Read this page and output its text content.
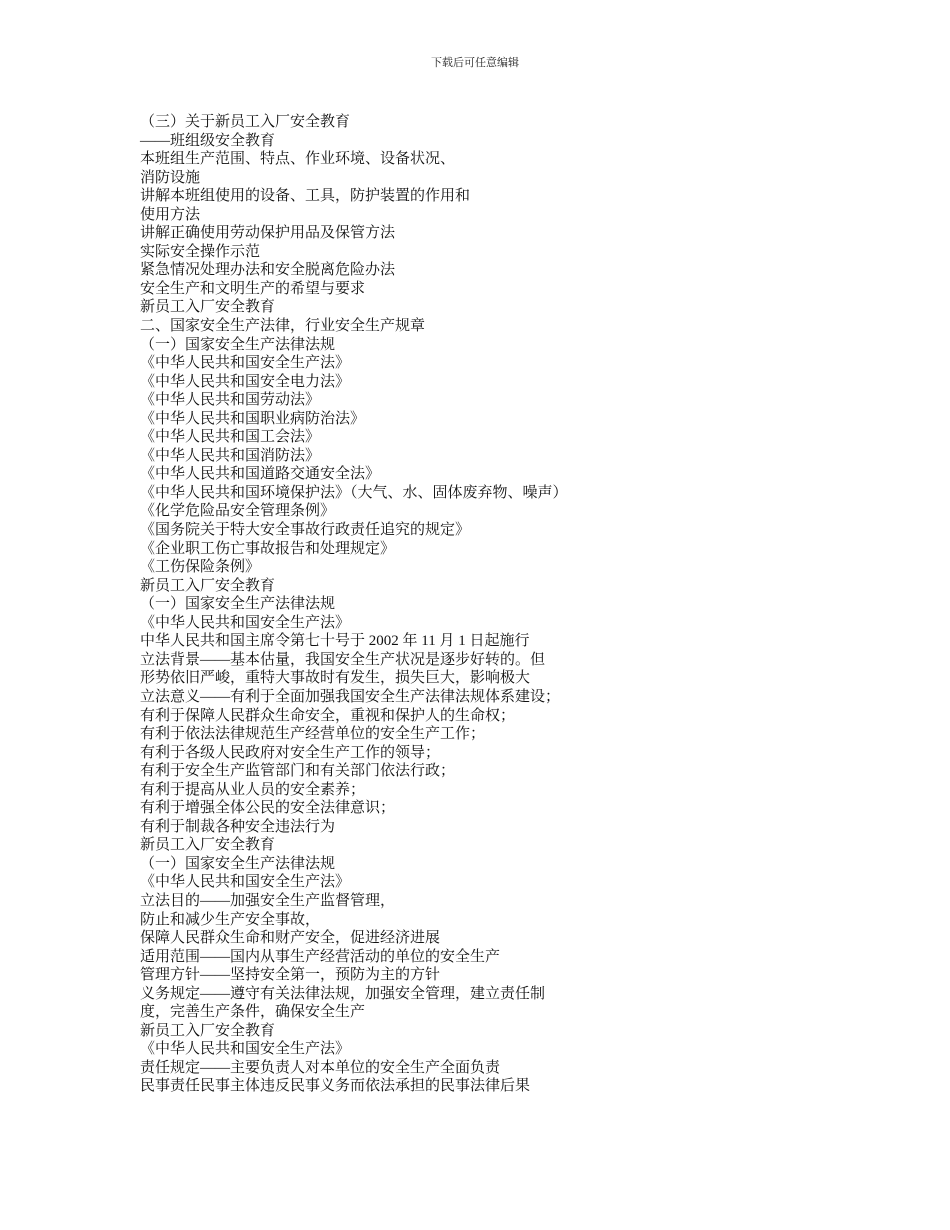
下载后可任意编辑
（三）关于新员工入厂安全教育
——班组级安全教育
本班组生产范围、特点、作业环境、设备状况、
消防设施
讲解本班组使用的设备、工具，防护装置的作用和
使用方法
讲解正确使用劳动保护用品及保管方法
实际安全操作示范
紧急情况处理办法和安全脱离危险办法
安全生产和文明生产的希望与要求
新员工入厂安全教育
二、国家安全生产法律，行业安全生产规章
（一）国家安全生产法律法规
《中华人民共和国安全生产法》
《中华人民共和国安全电力法》
《中华人民共和国劳动法》
《中华人民共和国职业病防治法》
《中华人民共和国工会法》
《中华人民共和国消防法》
《中华人民共和国道路交通安全法》
《中华人民共和国环境保护法》（大气、水、固体废弃物、噪声）
《化学危险品安全管理条例》
《国务院关于特大安全事故行政责任追究的规定》
《企业职工伤亡事故报告和处理规定》
《工伤保险条例》
新员工入厂安全教育
（一）国家安全生产法律法规
《中华人民共和国安全生产法》
中华人民共和国主席令第七十号于 2002 年 11 月 1 日起施行
立法背景——基本估量，我国安全生产状况是逐步好转的。但
形势依旧严峻，重特大事故时有发生，损失巨大，影响极大
立法意义——有利于全面加强我国安全生产法律法规体系建设；
有利于保障人民群众生命安全，重视和保护人的生命权；
有利于依法法律规范生产经营单位的安全生产工作；
有利于各级人民政府对安全生产工作的领导；
有利于安全生产监管部门和有关部门依法行政；
有利于提高从业人员的安全素养；
有利于增强全体公民的安全法律意识；
有利于制裁各种安全违法行为
新员工入厂安全教育
（一）国家安全生产法律法规
《中华人民共和国安全生产法》
立法目的——加强安全生产监督管理，
防止和减少生产安全事故，
保障人民群众生命和财产安全，促进经济进展
适用范围——国内从事生产经营活动的单位的安全生产
管理方针——坚持安全第一，预防为主的方针
义务规定——遵守有关法律法规，加强安全管理，建立责任制
度，完善生产条件，确保安全生产
新员工入厂安全教育
《中华人民共和国安全生产法》
责任规定——主要负责人对本单位的安全生产全面负责
民事责任民事主体违反民事义务而依法承担的民事法律后果
